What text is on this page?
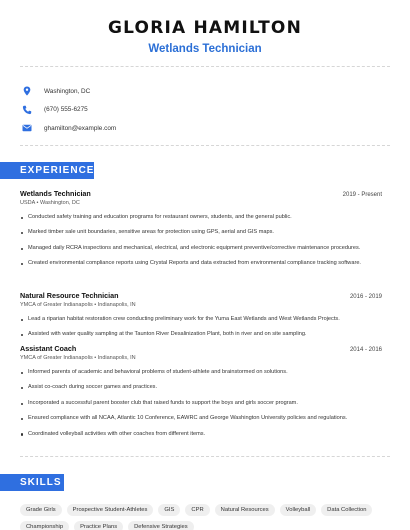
GLORIA HAMILTON
Wetlands Technician
Washington, DC
(670) 555-6275
ghamilton@example.com
EXPERIENCE
Wetlands Technician	2019 - Present
USDA • Washington, DC
Conducted safety training and education programs for restaurant owners, students, and the general public.
Marked timber sale unit boundaries, sensitive areas for protection using GPS, aerial and GIS maps.
Managed daily RCRA inspections and mechanical, electrical, and electronic equipment preventive/corrective maintenance procedures.
Created environmental compliance reports using Crystal Reports and data extracted from environmental compliance tracking software.
Natural Resource Technician	2016 - 2019
YMCA of Greater Indianapolis • Indianapolis, IN
Lead a riparian habitat restoration crew conducting preliminary work for the Yuma East Wetlands and West Wetlands Projects.
Assisted with water quality sampling at the Taunton River Desalinization Plant, both in river and on site sampling.
Assistant Coach	2014 - 2016
YMCA of Greater Indianapolis • Indianapolis, IN
Informed parents of academic and behavioral problems of student-athlete and brainstormed on solutions.
Assist co-coach during soccer games and practices.
Incorporated a successful parent booster club that raised funds to support the boys and girls soccer program.
Ensured compliance with all NCAA, Atlantic 10 Conference, EAWRC and George Washington University policies and regulations.
Coordinated volleyball activities with other coaches from different items.
SKILLS
Grade Girls	Prospective Student-Athletes	GIS	CPR	Natural Resources	Volleyball	Data Collection
Championship	Practice Plans	Defensive Strategies
